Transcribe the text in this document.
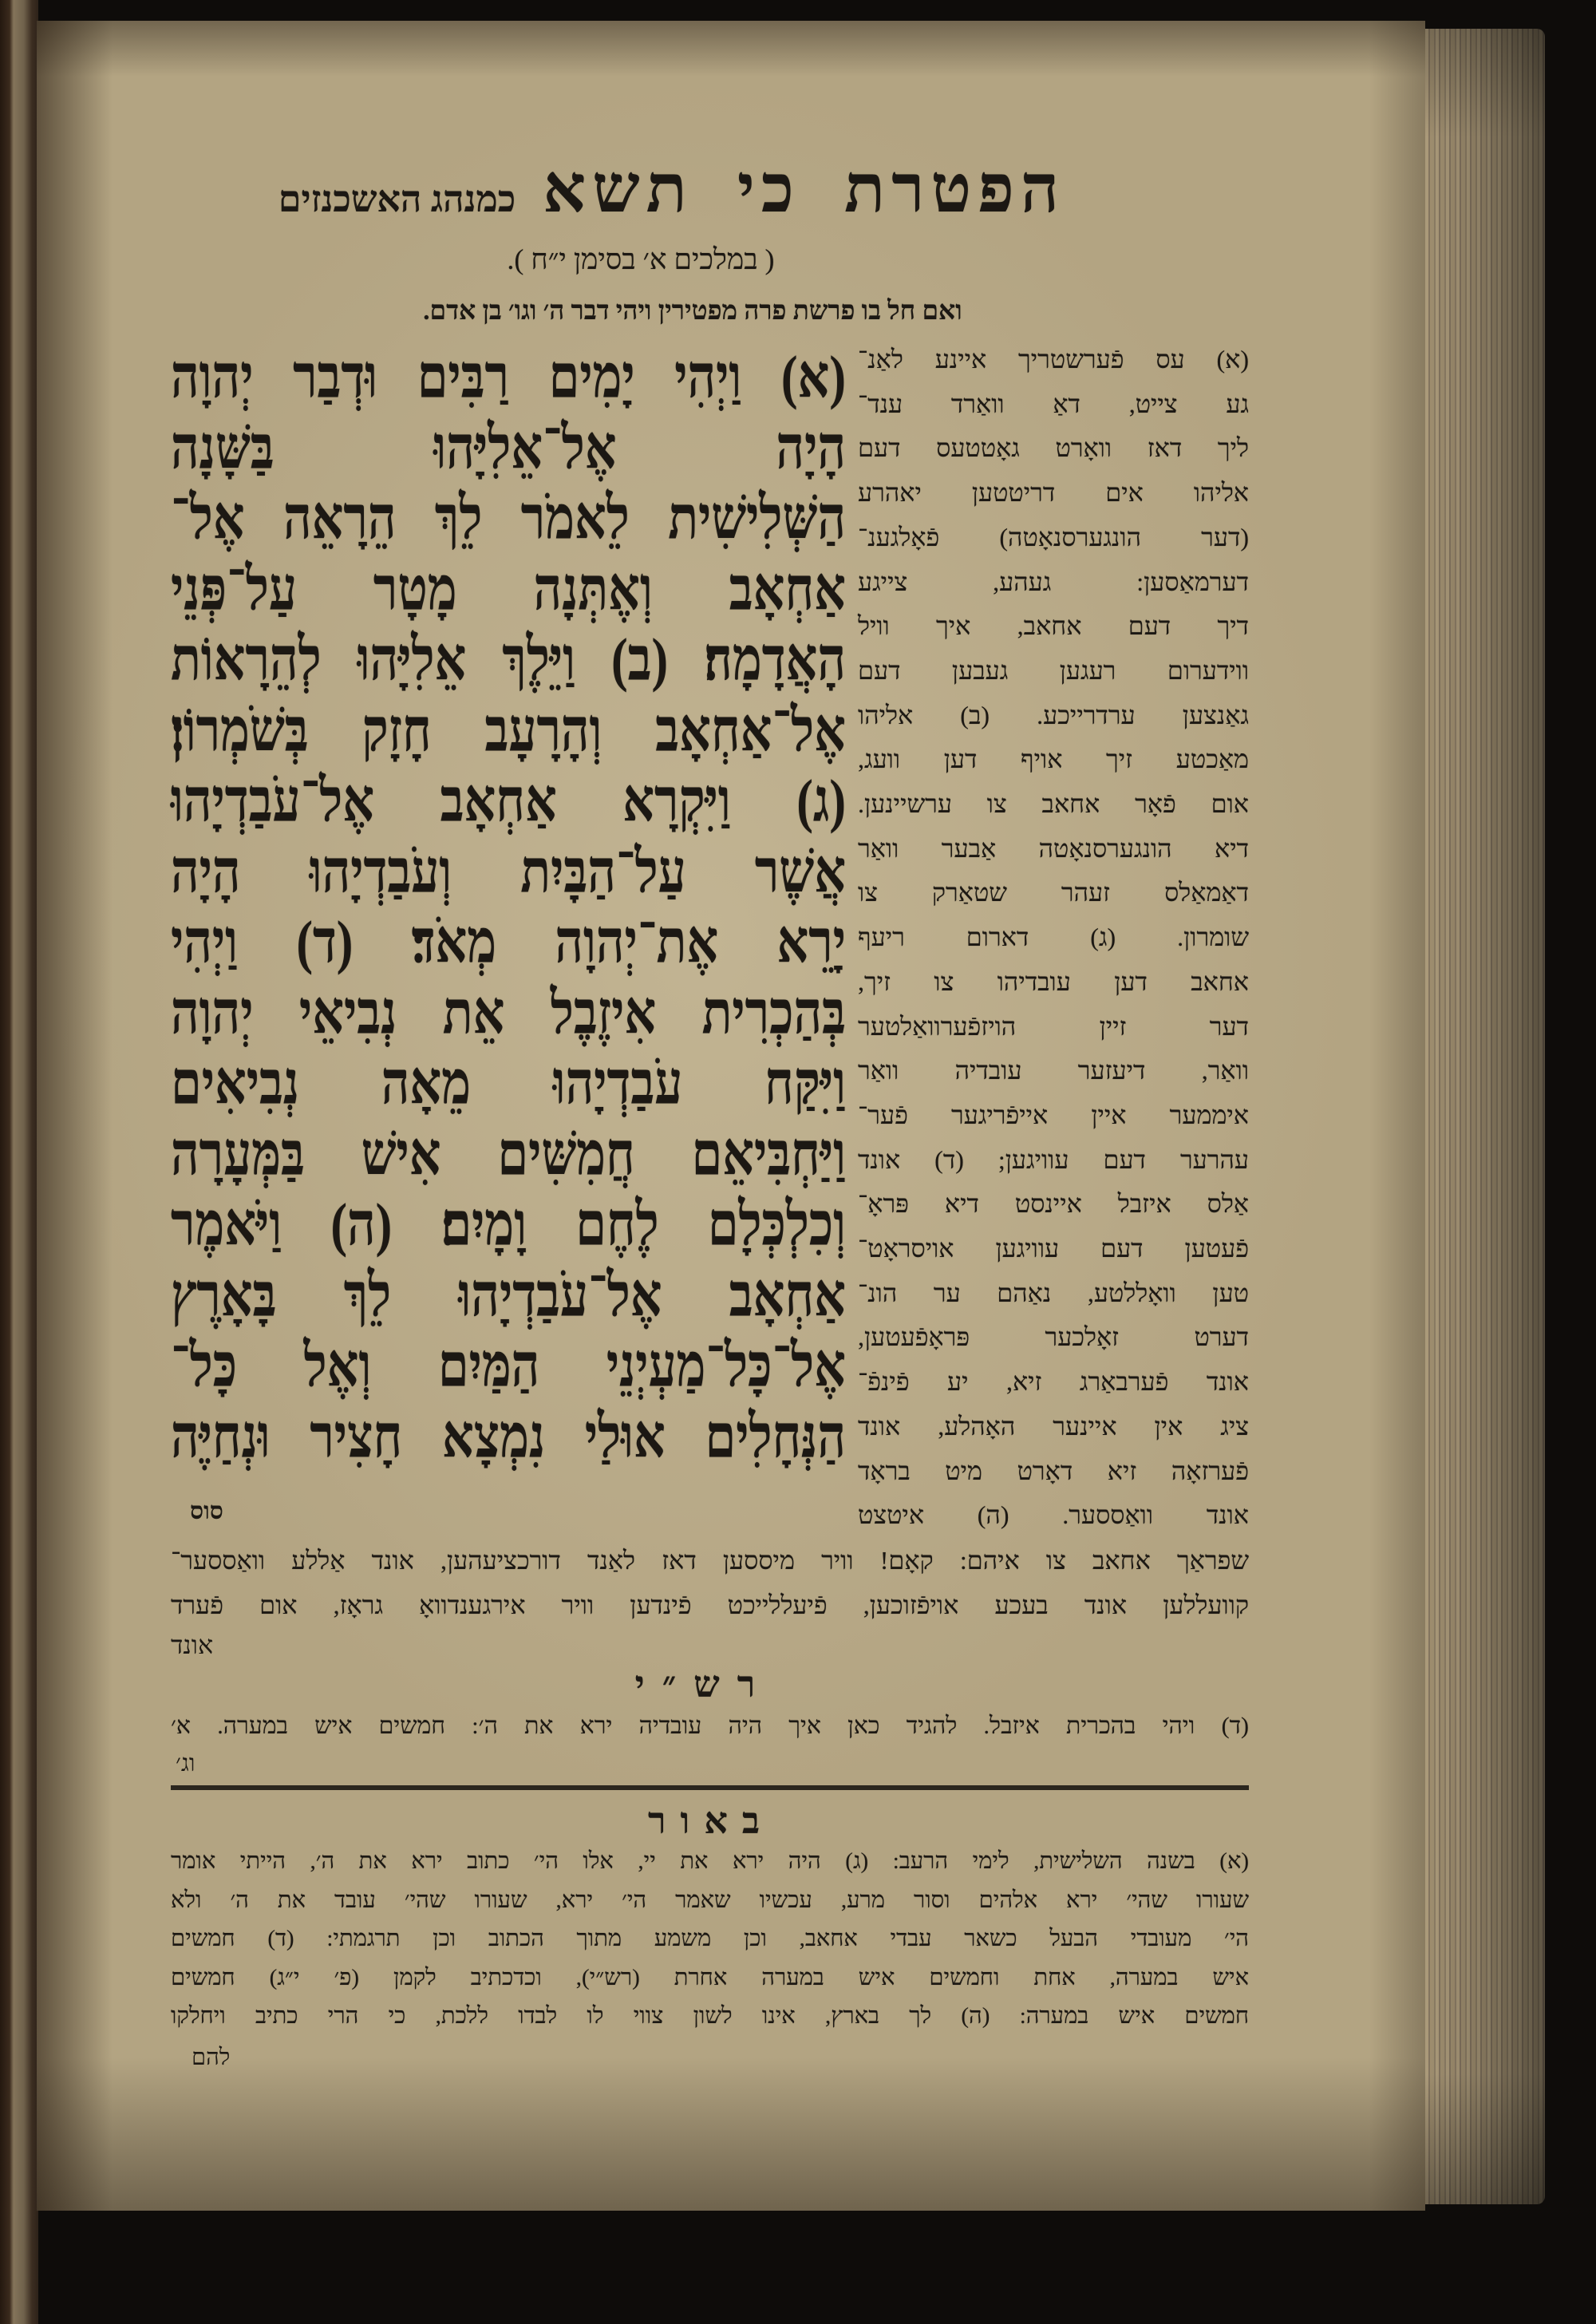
הפטרת כי תשא כמנהג האשכנזים
( במלכים א׳ בסימן י״ח ).
ואם חל בו פרשת פרה מפטירין ויהי דבר ה׳ וגו׳ בן אדם.
(א) וַיְהִי יָמִים רַבִּים וּדְבַר יְהוָה
הָיָה אֶל־אֵלִיָּהוּ בַּשָּׁנָה
הַשְּׁלִישִׁית לֵאמֹר לֵךְ הֵרָאֵה אֶל־
אַחְאָב וְאֶתְּנָה מָטָר עַל־פְּנֵי
הָאֲדָמָה׃ (ב) וַיֵּלֶךְ אֵלִיָּהוּ לְהֵרָאוֹת
אֶל־אַחְאָב וְהָרָעָב חָזָק בְּשֹׁמְרוֹן׃
(ג) וַיִּקְרָא אַחְאָב אֶל־עֹבַדְיָהוּ
אֲשֶׁר עַל־הַבָּיִת וְעֹבַדְיָהוּ הָיָה
יָרֵא אֶת־יְהוָה מְאֹד׃ (ד) וַיְהִי
בְּהַכְרִית אִיזֶבֶל אֵת נְבִיאֵי יְהוָה
וַיִּקַּח עֹבַדְיָהוּ מֵאָה נְבִיאִים
וַיַּחְבִּיאֵם חֲמִשִּׁים אִישׁ בַּמְּעָרָה
וְכִלְכְּלָם לֶחֶם וָמָיִם׃ (ה) וַיֹּאמֶר
אַחְאָב אֶל־עֹבַדְיָהוּ לֵךְ בָּאָרֶץ
אֶל־כָּל־מַעְיְנֵי הַמַּיִם וְאֶל כָּל־
הַנְּחָלִים אוּלַי נִמְצָא חָצִיר וּנְחַיֶּה
סוס
(א) עס פֿערשטריך איינע לאַנ־
גע צייט, דאַ וואַרד ענד־
ליך דאז וואָרט גאָטטעס דעם
אליהו אים דריטטען יאהרע
(דער הונגערסנאָטה) פֿאָלגענ־
דערמאַסען: געהע, צייגע
דיך דעם אחאב, איך וויל
ווידערום רעגען געבען דעם
גאַנצען ערדרייכע. (ב) אליהו
מאַכטע זיך אויף דען וועג,
אום פֿאָר אחאב צו ערשיינען.
דיא הונגערסנאָטה אַבער וואַר
דאַמאַלס זעהר שטאַרק צו
שומרון. (ג) דארום ריעף
אחאב דען עובדיהו צו זיך,
דער זיין הויזפֿערוואַלטער
וואַר, דיעזער עובדיה וואַר
איממער איין אייפֿריגער פֿער־
עהרער דעם עוויגען; (ד) אונד
אַלס איזבל איינסט דיא פּראָ־
פֿעטען דעם עוויגען אויסראָט־
טען וואָללטע, נאַהם ער הונ־
דערט זאָלכער פּראָפֿעטען,
אונד פֿערבאַרג זיא, יע פֿינפֿ־
ציג אין איינער האָהלע, אונד
פֿערזאָה זיא דאָרט מיט בראָד
אונד וואַססער. (ה) איטצט
שפראַך אחאב צו איהם: קאָם! וויר מיססען דאז לאַנד דורכציעהען, אונד אַללע וואַססער־
קוועללען אונד בעכע אויפֿזוכען, פֿיעללייכט פֿינדען וויר אירגענדוואָ גראָז, אום פֿערד
אונד
רש״י
(ד) ויהי בהכרית איזבל. להגיד כאן איך היה עובדיה ירא את ה׳: חמשים איש במערה. א׳
וג׳
באור
(א) בשנה השלישית, לימי הרעב: (ג) היה ירא את יי, אלו הי׳ כתוב ירא את ה׳, הייתי אומר
שעורו שהי׳ ירא אלהים וסור מרע, עכשיו שאמר הי׳ ירא, שעורו שהי׳ עובד את ה׳ ולא
הי׳ מעובדי הבעל כשאר עבדי אחאב, וכן משמע מתוך הכתוב וכן תרגמתי: (ד) חמשים
איש במערה, אחת וחמשים איש במערה אחרת (רש״י), וכדכתיב לקמן (פ׳ י״ג) חמשים
חמשים איש במערה: (ה) לך בארץ, אינו לשון צווי לו לבדו ללכת, כי הרי כתיב ויחלקו
להם
